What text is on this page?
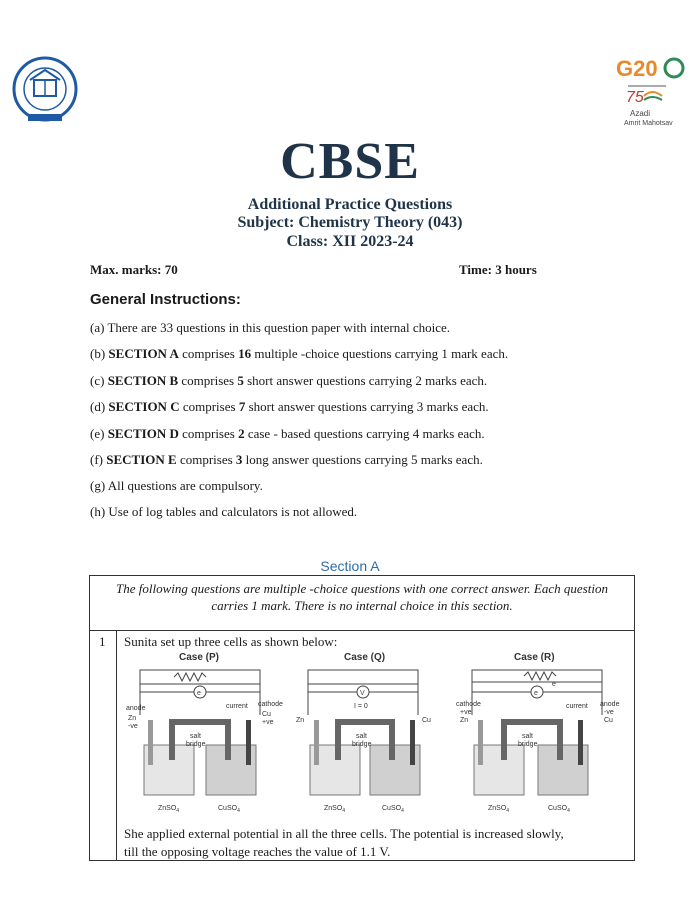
G20
75
Azadi
Amrit Mahotsav
CBSE
Additional Practice Questions
Subject: Chemistry Theory (043)
Class: XII 2023-24
Max. marks: 70	Time: 3 hours
General Instructions:
(a) There are 33 questions in this question paper with internal choice.
(b) SECTION A comprises 16 multiple -choice questions carrying 1 mark each.
(c) SECTION B comprises 5 short answer questions carrying 2 marks each.
(d) SECTION C comprises 7 short answer questions carrying 3 marks each.
(e) SECTION D comprises 2 case - based questions carrying 4 marks each.
(f) SECTION E comprises 3 long answer questions carrying 5 marks each.
(g) All questions are compulsory.
(h) Use of log tables and calculators is not allowed.
Section A
The following questions are multiple -choice questions with one correct answer. Each question
carries 1 mark. There is no internal choice in this section.
1 Sunita set up three cells as shown below:
Case (P)
e
anode
Zn
-ve
current cathode
Cu
+ve
salt
bridge
ZnSO$_4$	CuSO$_4$
Case (Q)
V
I = 0
Zn	Cu
salt
bridge
ZnSO$_4$	CuSO$_4$
Case (R)
e
e⁻
cathode
+ve
Zn
current anode
-ve
Cu
salt
bridge
ZnSO$_4$	CuSO$_4$
She applied external potential in all the three cells. The potential is increased slowly,
till the opposing voltage reaches the value of 1.1 V.
